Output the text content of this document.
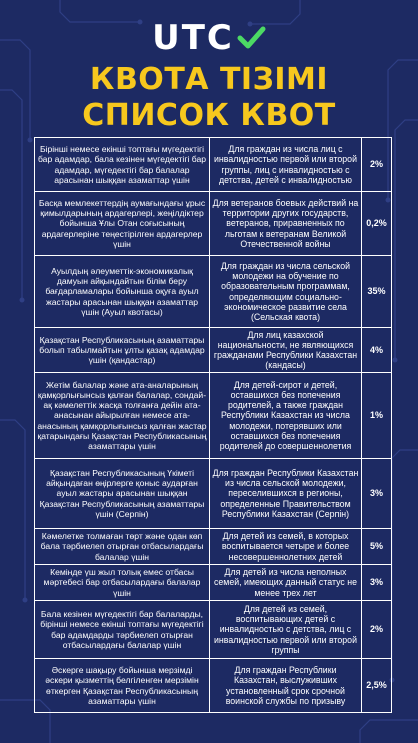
UTC
КВОТА ТІЗІМІ
СПИСОК КВОТ
Бірінші немесе екінші топтағы мүгедектігі бар адамдар, бала кезінен мүгедектігі бар адамдар, мүгедектігі бар балалар арасынан шыққан азаматтар үшін	Для граждан из числа лиц с инвалидностью первой или второй группы, лиц с инвалидностью с детства, детей с инвалидностью	2%
Басқа мемлекеттердің аумағындағы ұрыс қимылдарының ардагерлері, жеңілдіктер бойынша Ұлы Отан соғысының ардагерлеріне теңестірілген ардагерлер үшін	Для ветеранов боевых действий на территории других государств, ветеранов, приравненных по льготам к ветеранам Великой Отечественной войны	0,2%
Ауылдың әлеуметтік-экономикалық дамуын айқындайтын білім беру бағдарламалары бойынша оқуға ауыл жастары арасынан шыққан азаматтар үшін (Ауыл квотасы)	Для граждан из числа сельской молодежи на обучение по образовательным программам, определяющим социально-экономическое развитие села (Сельская квота)	35%
Қазақстан Республикасының азаматтары болып табылмайтын ұлты қазақ адамдар үшін (қандастар)	Для лиц казахской национальности, не являющихся гражданами Республики Казахстан (кандасы)	4%
Жетім балалар және ата-аналарының қамқорлығынсыз қалған балалар, сондай-ақ кәмелеттік жасқа толғанға дейін ата-анасынан айырылған немесе ата-анасының қамқорлығынсыз қалған жастар қатарындағы Қазақстан Республикасының азаматтары үшін	Для детей-сирот и детей, оставшихся без попечения родителей, а также граждан Республики Казахстан из числа молодежи, потерявших или оставшихся без попечения родителей до совершеннолетия	1%
Қазақстан Республикасының Үкіметі айқындаған өңірлерге қоныс аударған ауыл жастары арасынан шыққан Қазақстан Республикасының азаматтары үшін (Серпін)	Для граждан Республики Казахстан из числа сельской молодежи, переселившихся в регионы, определенные Правительством Республики Казахстан (Серпін)	3%
Кәмелетке толмаған төрт және одан көп бала тәрбиелеп отырған отбасылардағы балалар үшін	Для детей из семей, в которых воспитывается четыре и более несовершеннолетних детей	5%
Кемінде үш жыл толық емес отбасы мәртебесі бар отбасылардағы балалар үшін	Для детей из числа неполных семей, имеющих данный статус не менее трех лет	3%
Бала кезінен мүгедектігі бар балаларды, бірінші немесе екінші топтағы мүгедектігі бар адамдарды тәрбиелеп отырған отбасылардағы балалар үшін	Для детей из семей, воспитывающих детей с инвалидностью с детства, лиц с инвалидностью первой или второй группы	2%
Әскерге шақыру бойынша мерзімді әскери қызметтің белгіленген мерзімін өткерген Қазақстан Республикасының азаматтары үшін	Для граждан Республики Казахстан, выслуживших установленный срок срочной воинской службы по призыву	2,5%
